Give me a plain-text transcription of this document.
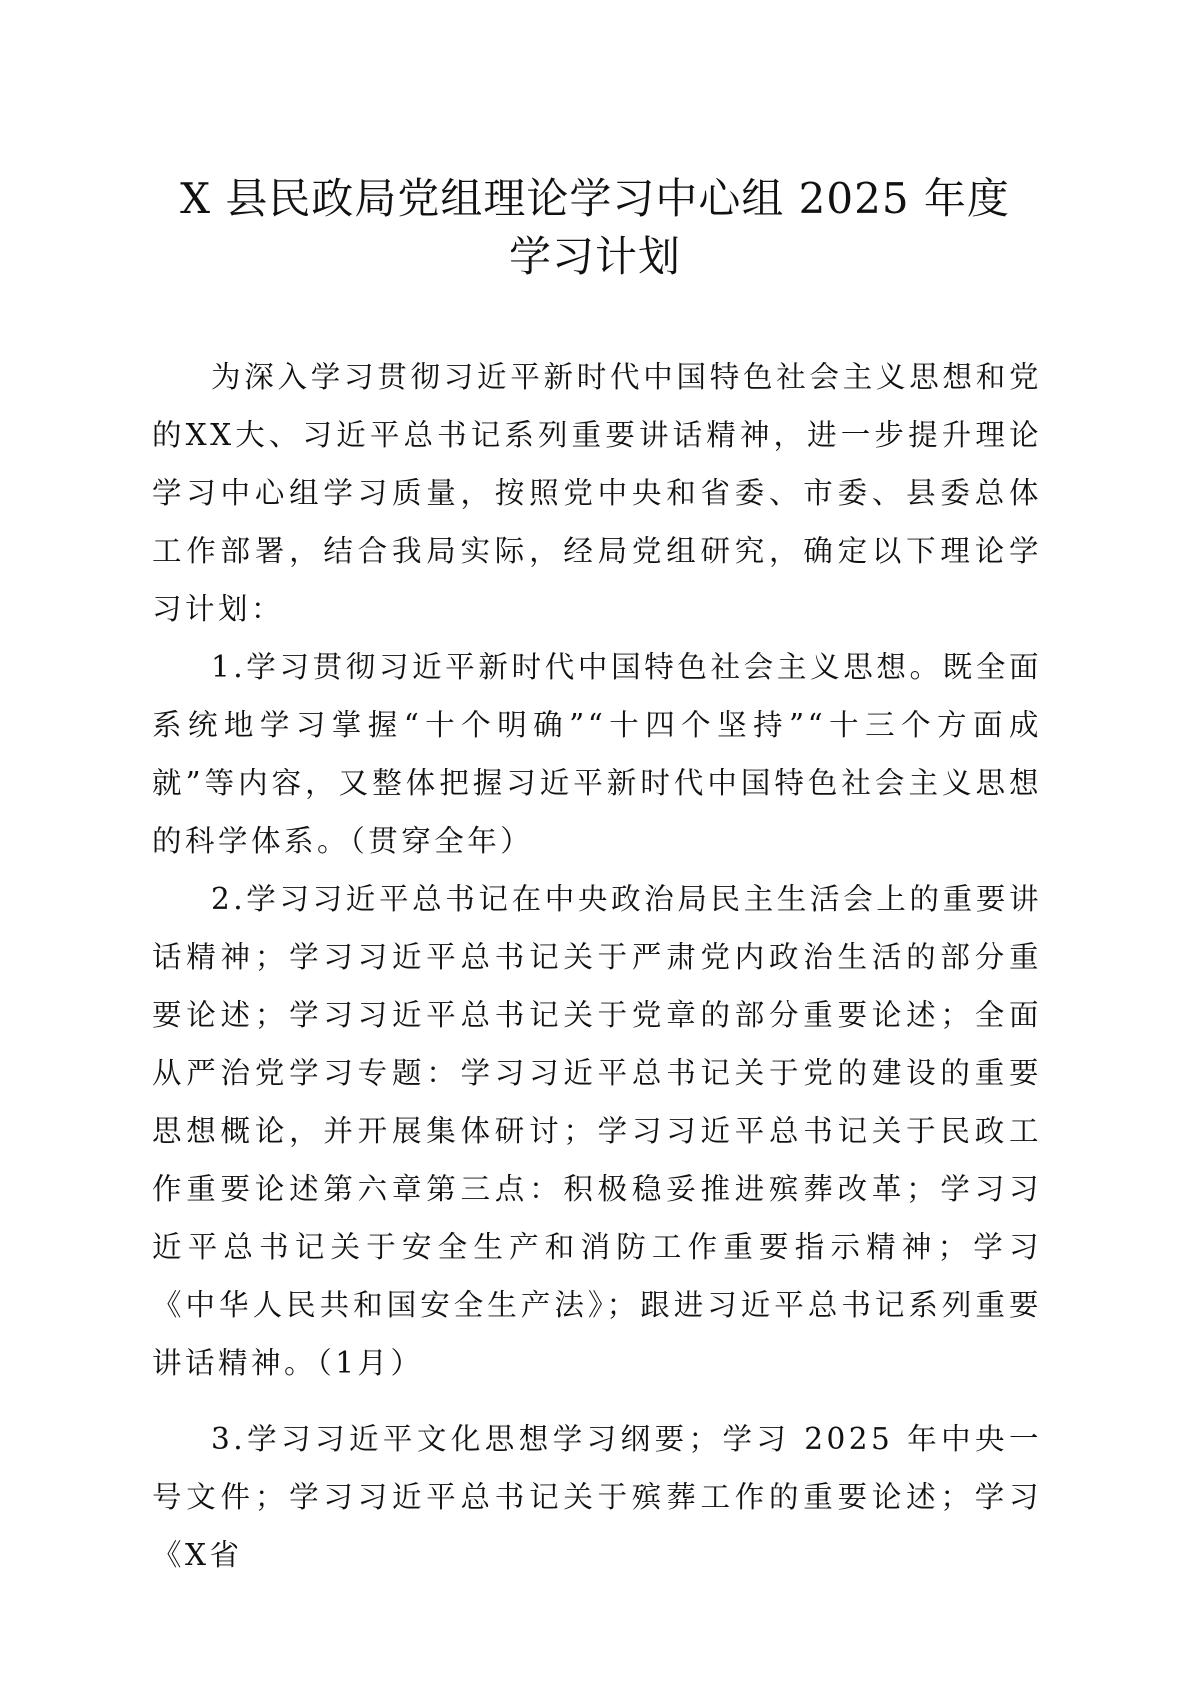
X 县民政局党组理论学习中心组 2025 年度
学习计划

为深入学习贯彻习近平新时代中国特色社会主义思想和党的XX大、习近平总书记系列重要讲话精神，进一步提升理论学习中心组学习质量，按照党中央和省委、市委、县委总体工作部署，结合我局实际，经局党组研究，确定以下理论学习计划：

1.学习贯彻习近平新时代中国特色社会主义思想。既全面系统地学习掌握“十个明确”“十四个坚持”“十三个方面成就”等内容，又整体把握习近平新时代中国特色社会主义思想的科学体系。（贯穿全年）

2.学习习近平总书记在中央政治局民主生活会上的重要讲话精神；学习习近平总书记关于严肃党内政治生活的部分重要论述；学习习近平总书记关于党章的部分重要论述；全面从严治党学习专题：学习习近平总书记关于党的建设的重要思想概论，并开展集体研讨；学习习近平总书记关于民政工作重要论述第六章第三点：积极稳妥推进殡葬改革；学习习近平总书记关于安全生产和消防工作重要指示精神；学习《中华人民共和国安全生产法》；跟进习近平总书记系列重要讲话精神。（1月）

3.学习习近平文化思想学习纲要；学习 2025 年中央一号文件；学习习近平总书记关于殡葬工作的重要论述；学习《X省
